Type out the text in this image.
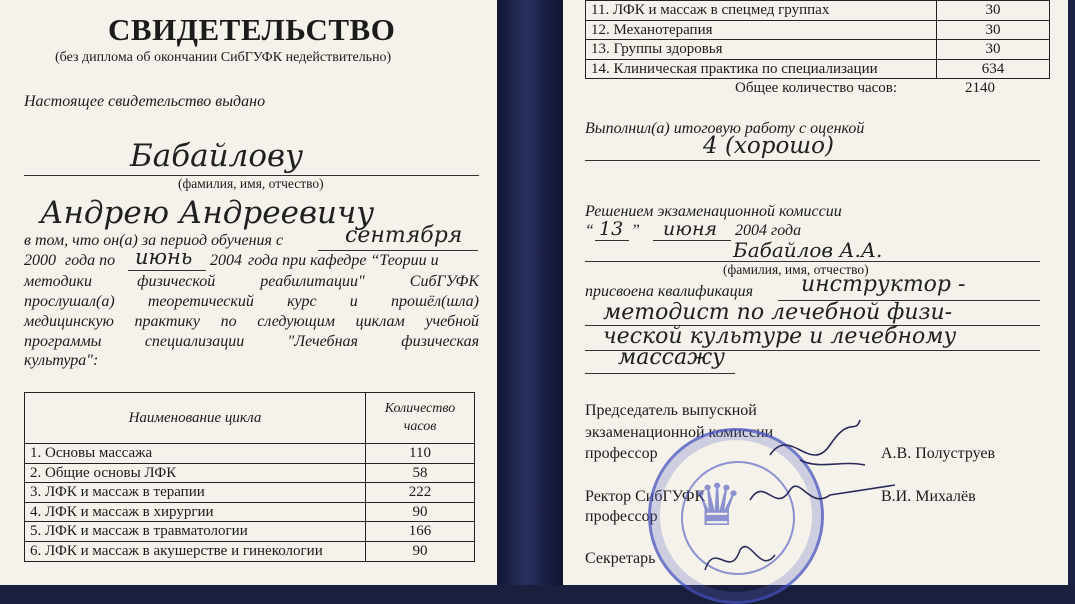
СВИДЕТЕЛЬСТВО
(без диплома об окончании СибГУФК недействительно)
Настоящее свидетельство выдано
Бабайлову
(фамилия, имя, отчество)
Андрею Андреевичу
в том, что он(а) за период обучения с	сентября
2000 года по июнь 2004 года при кафедре “Теории и
методики физической реабилитации" СибГУФК
прослушал(а) теоретический курс и прошёл(шла)
медицинскую практику по следующим циклам учебной
программы специализации "Лечебная физическая
культура":
Наименование цикла	Количество часов
1. Основы массажа	110
2. Общие основы ЛФК	58
3. ЛФК и массаж в терапии	222
4. ЛФК и массаж в хирургии	90
5. ЛФК и массаж в травматологии	166
6. ЛФК и массаж в акушерстве и гинекологии	90
11. ЛФК и массаж в спецмед группах	30
12. Механотерапия	30
13. Группы здоровья	30
14. Клиническая практика по специализации	634
Общее количество часов:	2140
Выполнил(а) итоговую работу с оценкой
4 (хорошо)
Решением экзаменационной комиссии
“ 13 ” июня 2004 года
Бабайлов А.А.
(фамилия, имя, отчество)
присвоена квалификация инструктор -
методист по лечебной физи-
ческой культуре и лечебному
массажу
Председатель выпускной
экзаменационной комиссии
профессор	А.В. Полуструев
Ректор СибГУФК
профессор
В.И. Михалёв
Секретарь
♛
